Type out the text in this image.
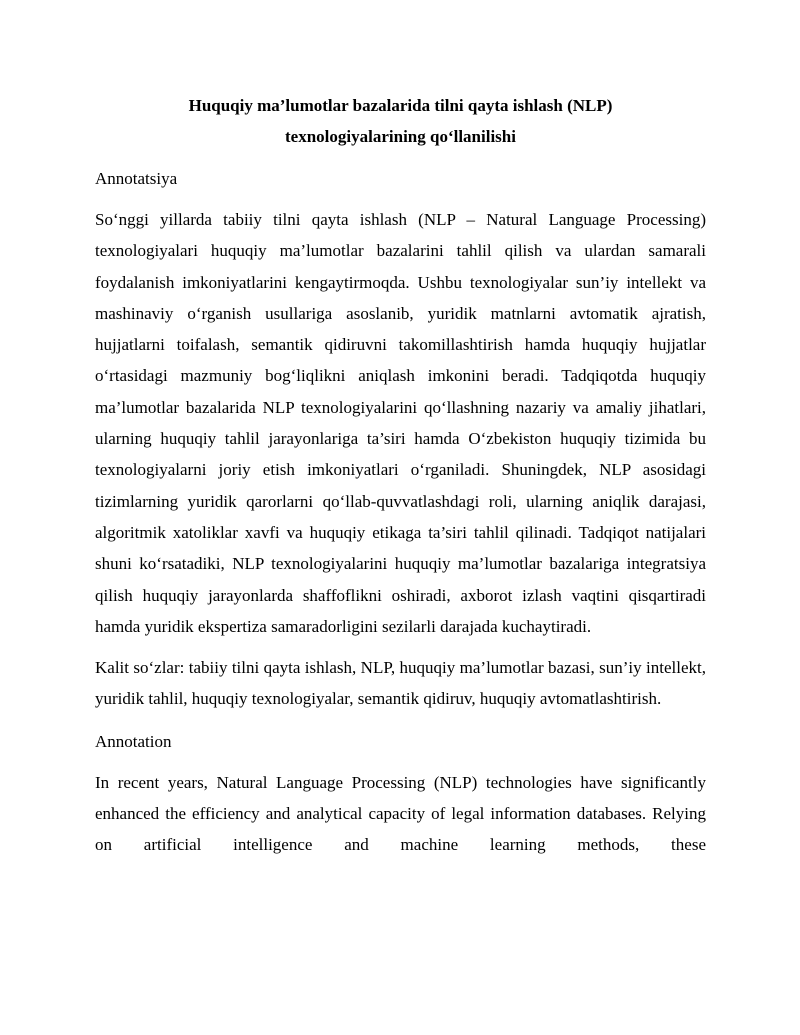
Huquqiy ma’lumotlar bazalarida tilni qayta ishlash (NLP)
texnologiyalarining qo‘llanilishi

Annotatsiya

So‘nggi yillarda tabiiy tilni qayta ishlash (NLP – Natural Language Processing) texnologiyalari huquqiy ma’lumotlar bazalarini tahlil qilish va ulardan samarali foydalanish imkoniyatlarini kengaytirmoqda. Ushbu texnologiyalar sun’iy intellekt va mashinaviy o‘rganish usullariga asoslanib, yuridik matnlarni avtomatik ajratish, hujjatlarni toifalash, semantik qidiruvni takomillashtirish hamda huquqiy hujjatlar o‘rtasidagi mazmuniy bog‘liqlikni aniqlash imkonini beradi. Tadqiqotda huquqiy ma’lumotlar bazalarida NLP texnologiyalarini qo‘llashning nazariy va amaliy jihatlari, ularning huquqiy tahlil jarayonlariga ta’siri hamda O‘zbekiston huquqiy tizimida bu texnologiyalarni joriy etish imkoniyatlari o‘rganiladi. Shuningdek, NLP asosidagi tizimlarning yuridik qarorlarni qo‘llab-quvvatlashdagi roli, ularning aniqlik darajasi, algoritmik xatoliklar xavfi va huquqiy etikaga ta’siri tahlil qilinadi. Tadqiqot natijalari shuni ko‘rsatadiki, NLP texnologiyalarini huquqiy ma’lumotlar bazalariga integratsiya qilish huquqiy jarayonlarda shaffoflikni oshiradi, axborot izlash vaqtini qisqartiradi hamda yuridik ekspertiza samaradorligini sezilarli darajada kuchaytiradi.

Kalit so‘zlar: tabiiy tilni qayta ishlash, NLP, huquqiy ma’lumotlar bazasi, sun’iy intellekt, yuridik tahlil, huquqiy texnologiyalar, semantik qidiruv, huquqiy avtomatlashtirish.

Annotation

In recent years, Natural Language Processing (NLP) technologies have significantly enhanced the efficiency and analytical capacity of legal information databases. Relying on artificial intelligence and machine learning methods, these
